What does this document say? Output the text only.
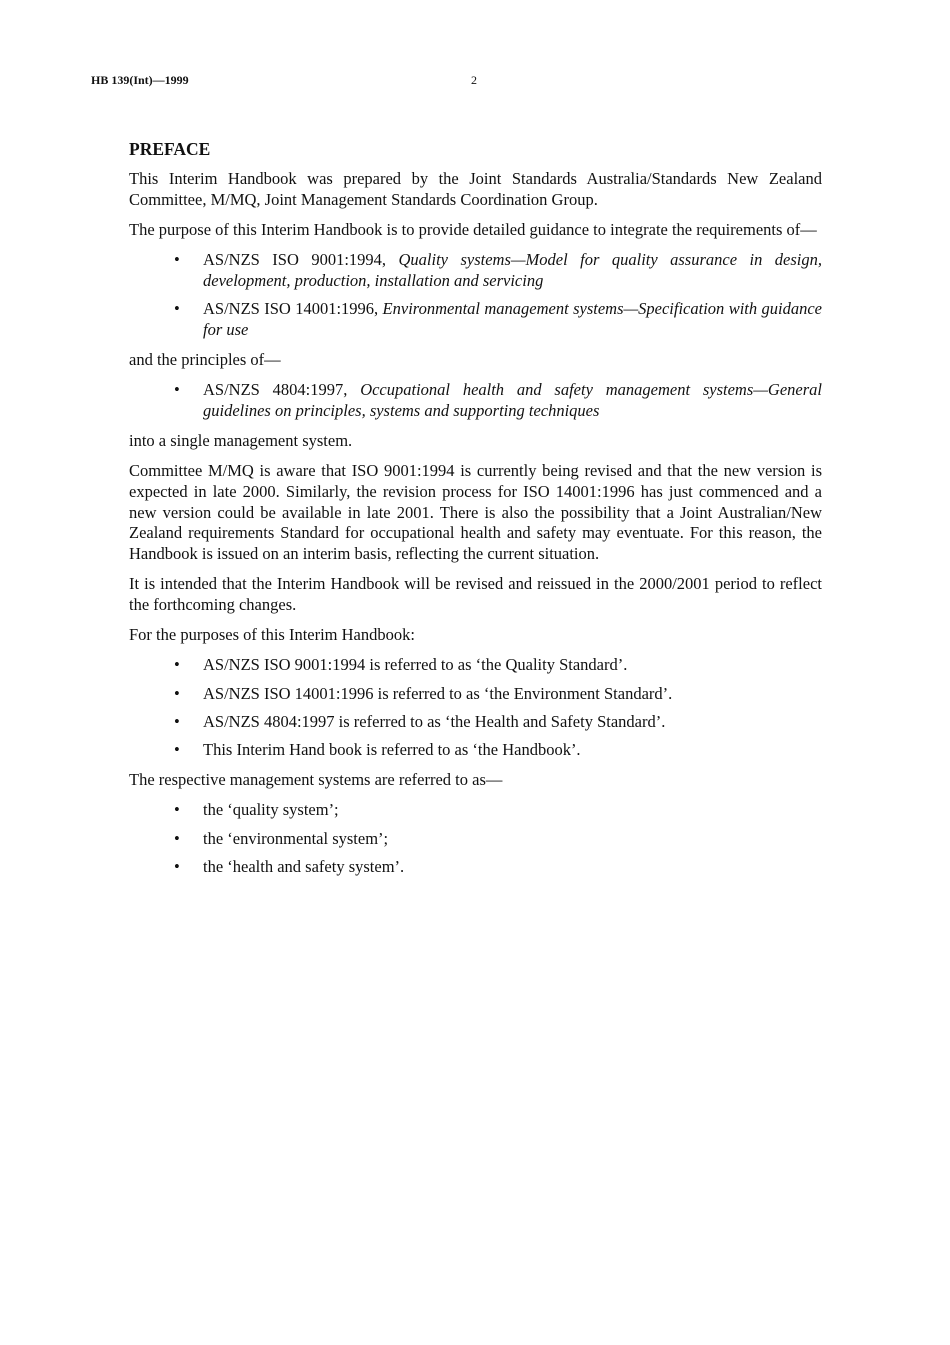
HB 139(Int)—1999	2
PREFACE

This Interim Handbook was prepared by the Joint Standards Australia/Standards New Zealand Committee, M/MQ, Joint Management Standards Coordination Group.

The purpose of this Interim Handbook is to provide detailed guidance to integrate the requirements of—

• AS/NZS ISO 9001:1994, Quality systems—Model for quality assurance in design, development, production, installation and servicing
• AS/NZS ISO 14001:1996, Environmental management systems—Specification with guidance for use

and the principles of—

• AS/NZS 4804:1997, Occupational health and safety management systems—General guidelines on principles, systems and supporting techniques

into a single management system.

Committee M/MQ is aware that ISO 9001:1994 is currently being revised and that the new version is expected in late 2000. Similarly, the revision process for ISO 14001:1996 has just commenced and a new version could be available in late 2001. There is also the possibility that a Joint Australian/New Zealand requirements Standard for occupational health and safety may eventuate. For this reason, the Handbook is issued on an interim basis, reflecting the current situation.

It is intended that the Interim Handbook will be revised and reissued in the 2000/2001 period to reflect the forthcoming changes.

For the purposes of this Interim Handbook:

• AS/NZS ISO 9001:1994 is referred to as ‘the Quality Standard’.
• AS/NZS ISO 14001:1996 is referred to as ‘the Environment Standard’.
• AS/NZS 4804:1997 is referred to as ‘the Health and Safety Standard’.
• This Interim Hand book is referred to as ‘the Handbook’.

The respective management systems are referred to as—

• the ‘quality system’;
• the ‘environmental system’;
• the ‘health and safety system’.
